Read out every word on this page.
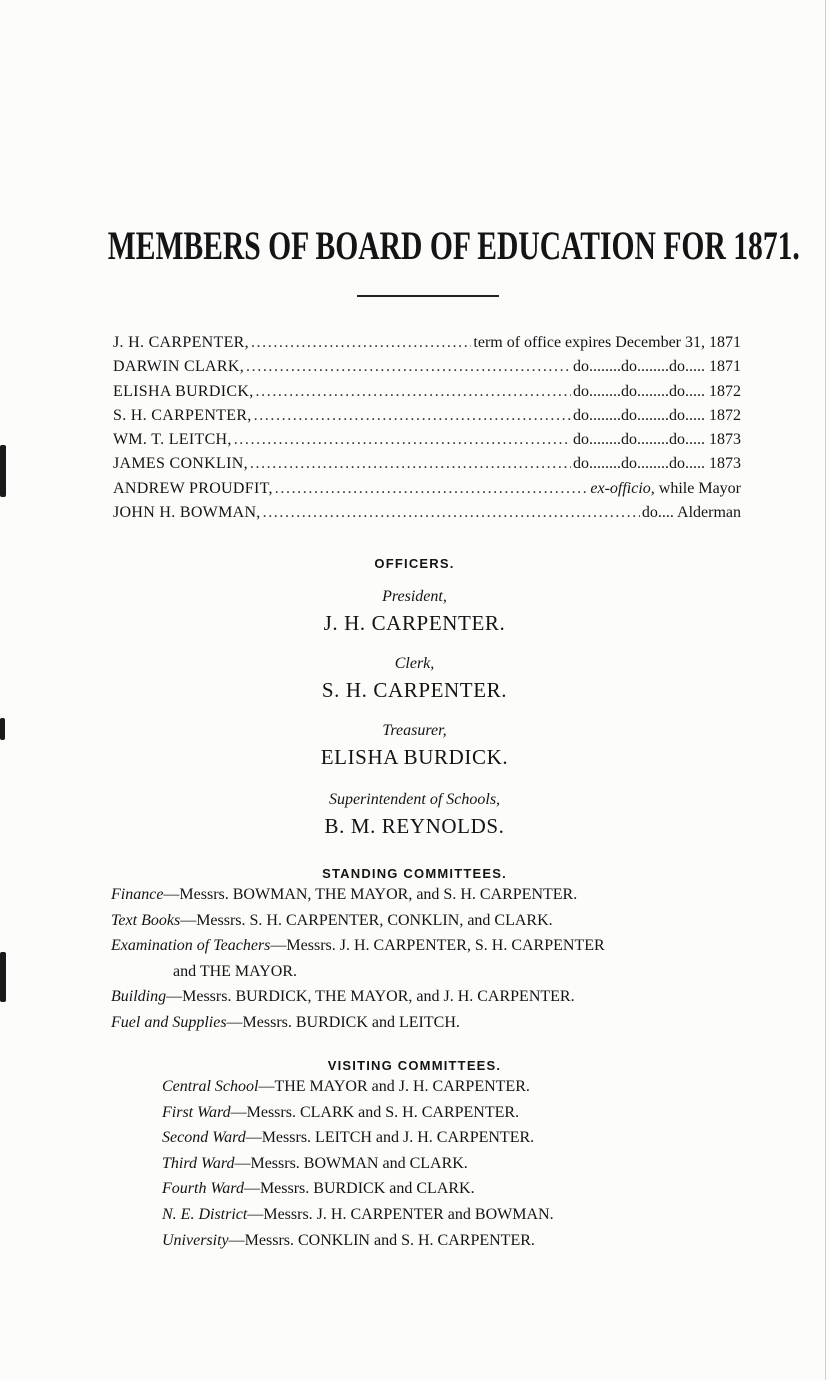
MEMBERS OF BOARD OF EDUCATION FOR 1871.
J. H. CARPENTER, .....	term of office expires December 31, 1871
DARWIN CLARK, .....	do........do........do..... 1871
ELISHA BURDICK, .....	do........do........do..... 1872
S. H. CARPENTER, .....	do........do........do..... 1872
WM. T. LEITCH, .....	do........do........do..... 1873
JAMES CONKLIN, .....	do........do........do..... 1873
ANDREW PROUDFIT, .....	ex-officio, while Mayor
JOHN H. BOWMAN, .....	do.... Alderman
OFFICERS.
President,
J. H. CARPENTER.
Clerk,
S. H. CARPENTER.
Treasurer,
ELISHA BURDICK.
Superintendent of Schools,
B. M. REYNOLDS.
STANDING COMMITTEES.
Finance—Messrs. BOWMAN, THE MAYOR, and S. H. CARPENTER.
Text Books—Messrs. S. H. CARPENTER, CONKLIN, and CLARK.
Examination of Teachers—Messrs. J. H. CARPENTER, S. H. CARPENTER
and THE MAYOR.
Building—Messrs. BURDICK, THE MAYOR, and J. H. CARPENTER.
Fuel and Supplies—Messrs. BURDICK and LEITCH.
VISITING COMMITTEES.
Central School—THE MAYOR and J. H. CARPENTER.
First Ward—Messrs. CLARK and S. H. CARPENTER.
Second Ward—Messrs. LEITCH and J. H. CARPENTER.
Third Ward—Messrs. BOWMAN and CLARK.
Fourth Ward—Messrs. BURDICK and CLARK.
N. E. District—Messrs. J. H. CARPENTER and BOWMAN.
University—Messrs. CONKLIN and S. H. CARPENTER.
